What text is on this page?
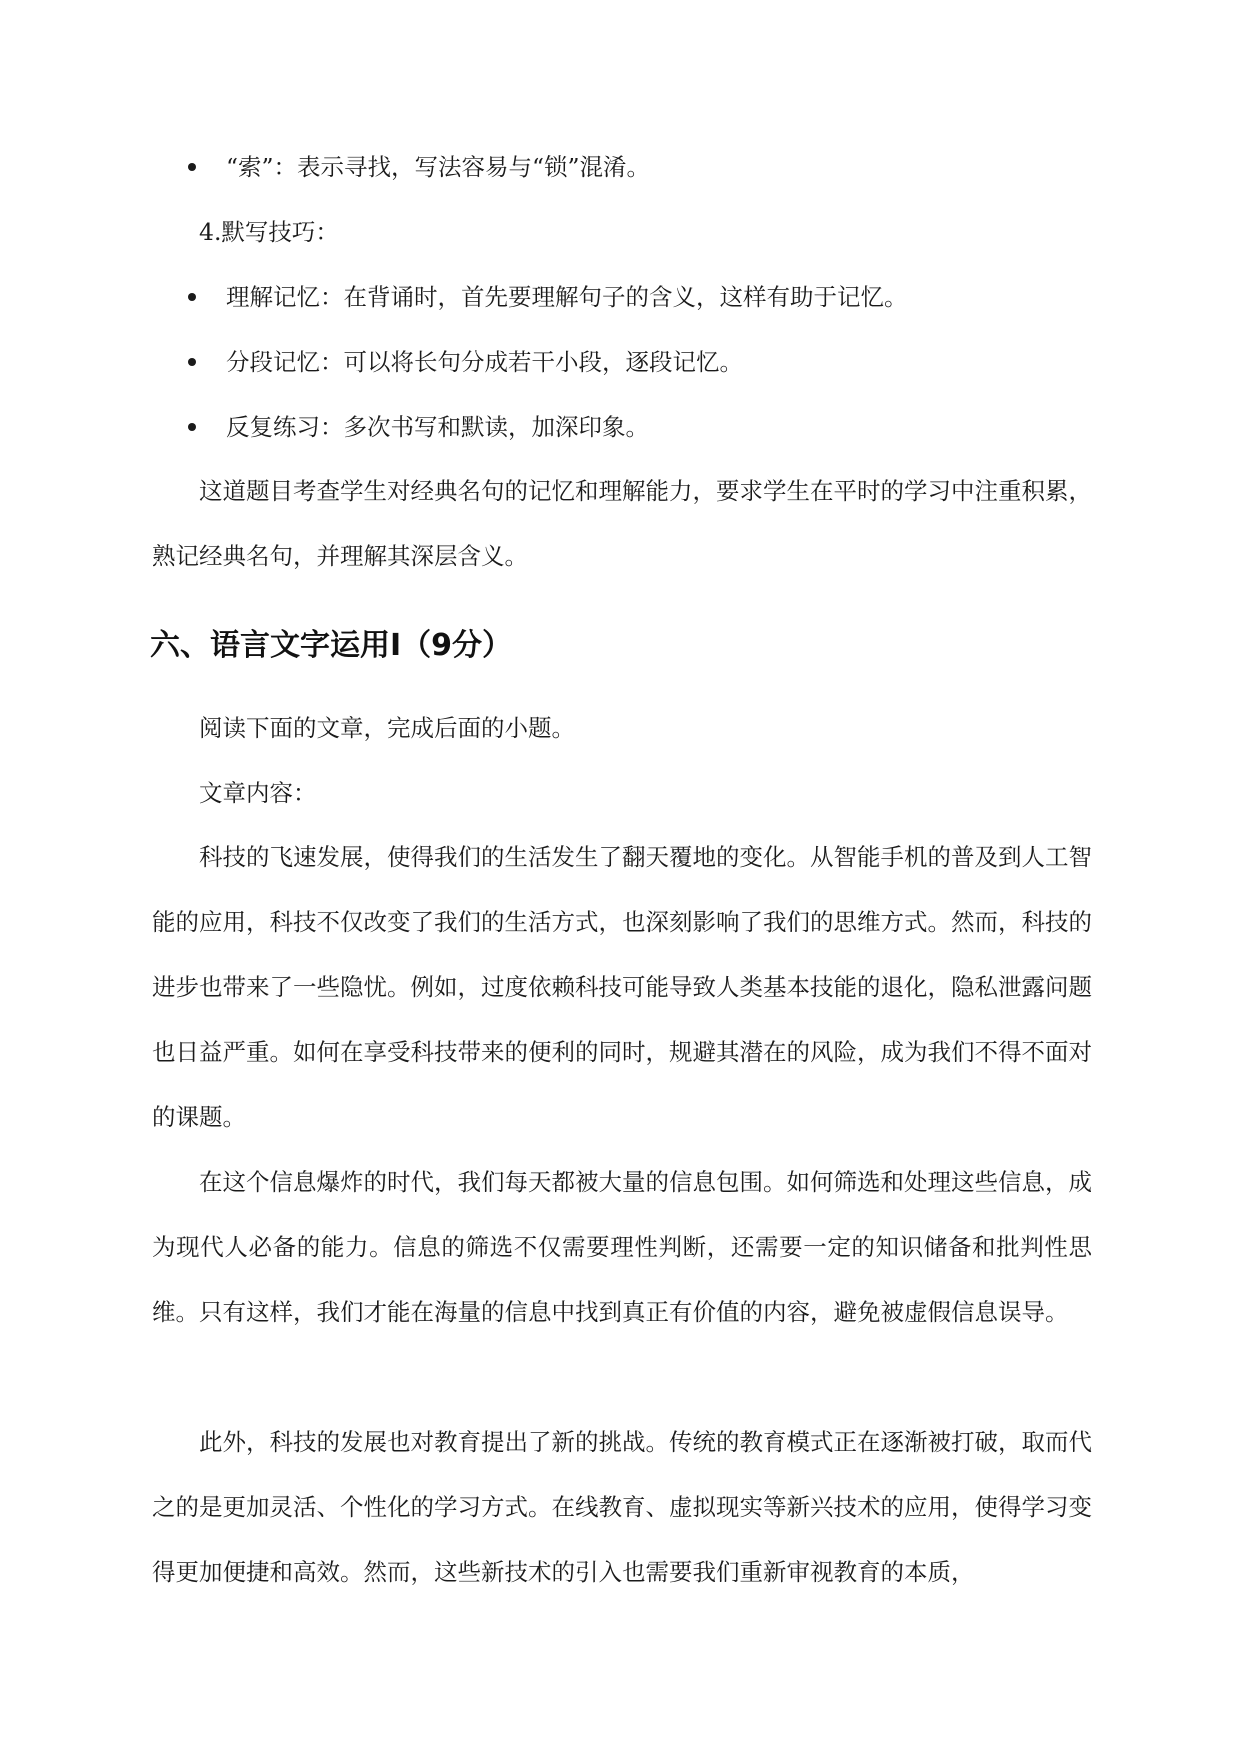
“索”：表示寻找，写法容易与“锁”混淆。
4.默写技巧：
理解记忆：在背诵时，首先要理解句子的含义，这样有助于记忆。
分段记忆：可以将长句分成若干小段，逐段记忆。
反复练习：多次书写和默读，加深印象。

这道题目考查学生对经典名句的记忆和理解能力，要求学生在平时的学习中注重积累，熟记经典名句，并理解其深层含义。

六、语言文字运用Ⅰ（9分）
阅读下面的文章，完成后面的小题。
文章内容：

科技的飞速发展，使得我们的生活发生了翻天覆地的变化。从智能手机的普及到人工智能的应用，科技不仅改变了我们的生活方式，也深刻影响了我们的思维方式。然而，科技的进步也带来了一些隐忧。例如，过度依赖科技可能导致人类基本技能的退化，隐私泄露问题也日益严重。如何在享受科技带来的便利的同时，规避其潜在的风险，成为我们不得不面对的课题。

在这个信息爆炸的时代，我们每天都被大量的信息包围。如何筛选和处理这些信息，成为现代人必备的能力。信息的筛选不仅需要理性判断，还需要一定的知识储备和批判性思维。只有这样，我们才能在海量的信息中找到真正有价值的内容，避免被虚假信息误导。

此外，科技的发展也对教育提出了新的挑战。传统的教育模式正在逐渐被打破，取而代之的是更加灵活、个性化的学习方式。在线教育、虚拟现实等新兴技术的应用，使得学习变得更加便捷和高效。然而，这些新技术的引入也需要我们重新审视教育的本质，
